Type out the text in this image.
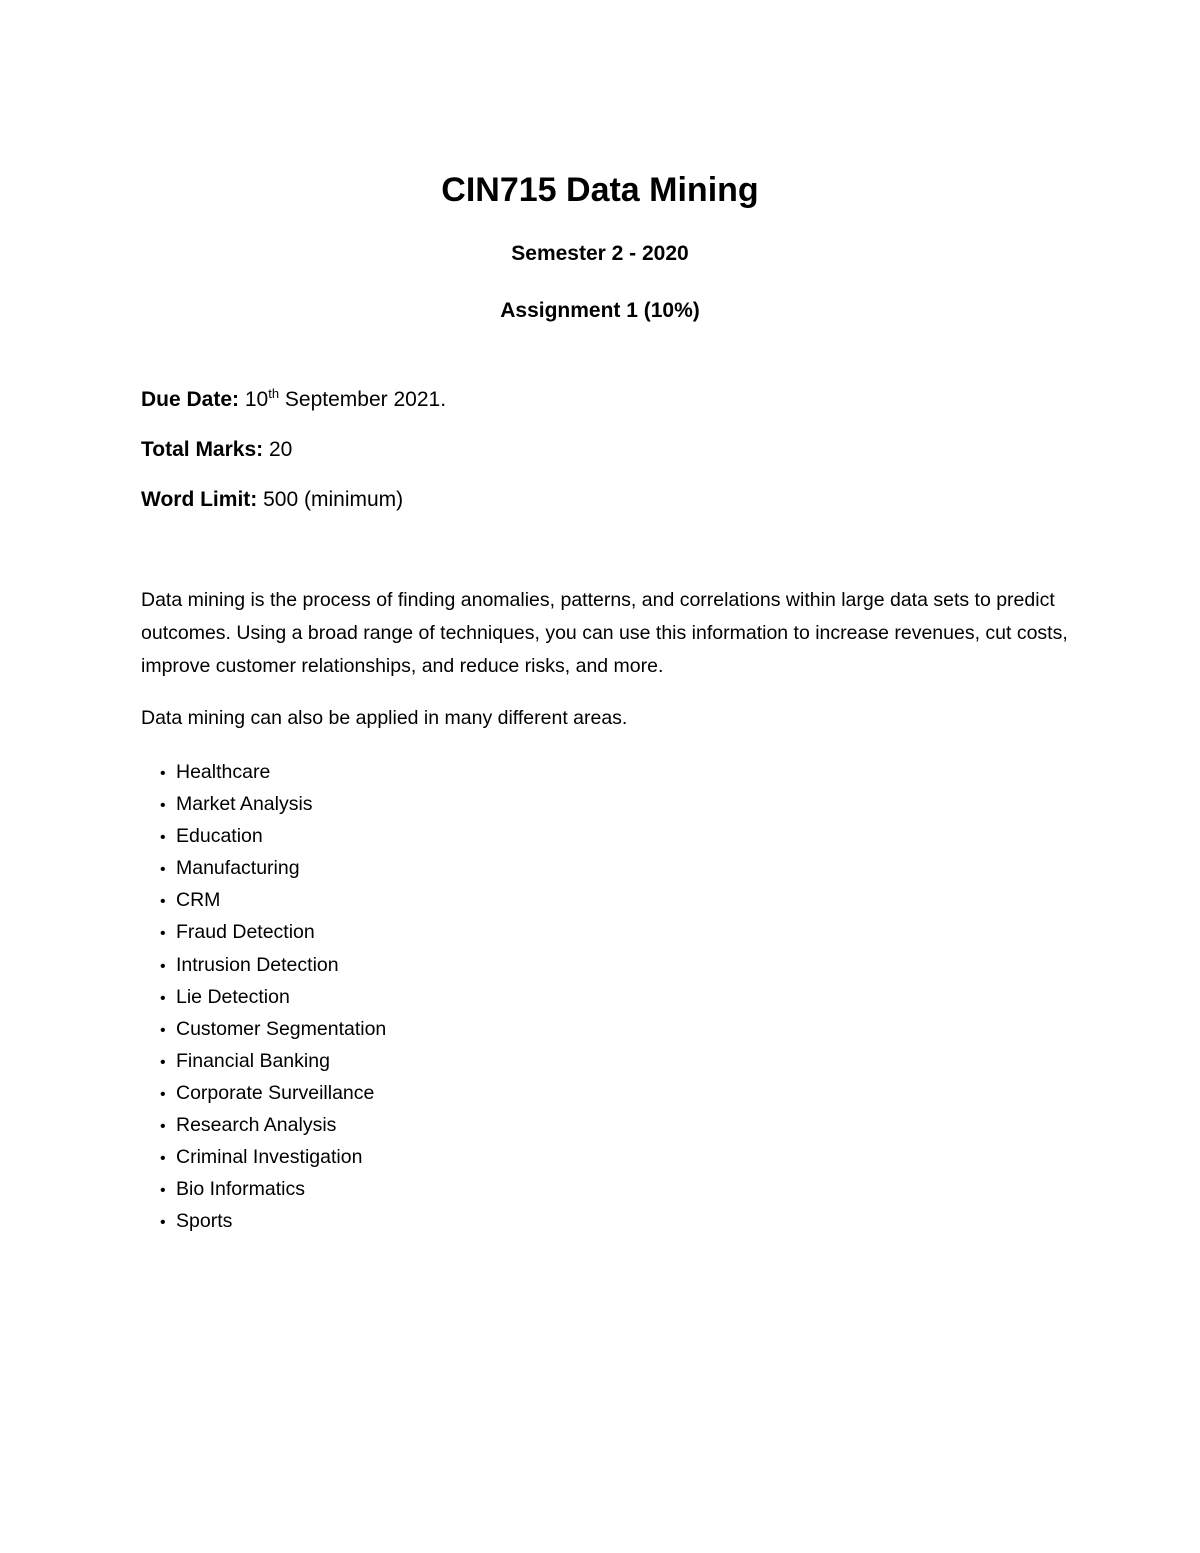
CIN715 Data Mining
Semester 2 - 2020
Assignment 1 (10%)
Due Date: 10th September 2021.
Total Marks: 20
Word Limit: 500 (minimum)
Data mining is the process of finding anomalies, patterns, and correlations within large data sets to predict outcomes. Using a broad range of techniques, you can use this information to increase revenues, cut costs, improve customer relationships, and reduce risks, and more.
Data mining can also be applied in many different areas.
• Healthcare
• Market Analysis
• Education
• Manufacturing
• CRM
• Fraud Detection
• Intrusion Detection
• Lie Detection
• Customer Segmentation
• Financial Banking
• Corporate Surveillance
• Research Analysis
• Criminal Investigation
• Bio Informatics
• Sports
